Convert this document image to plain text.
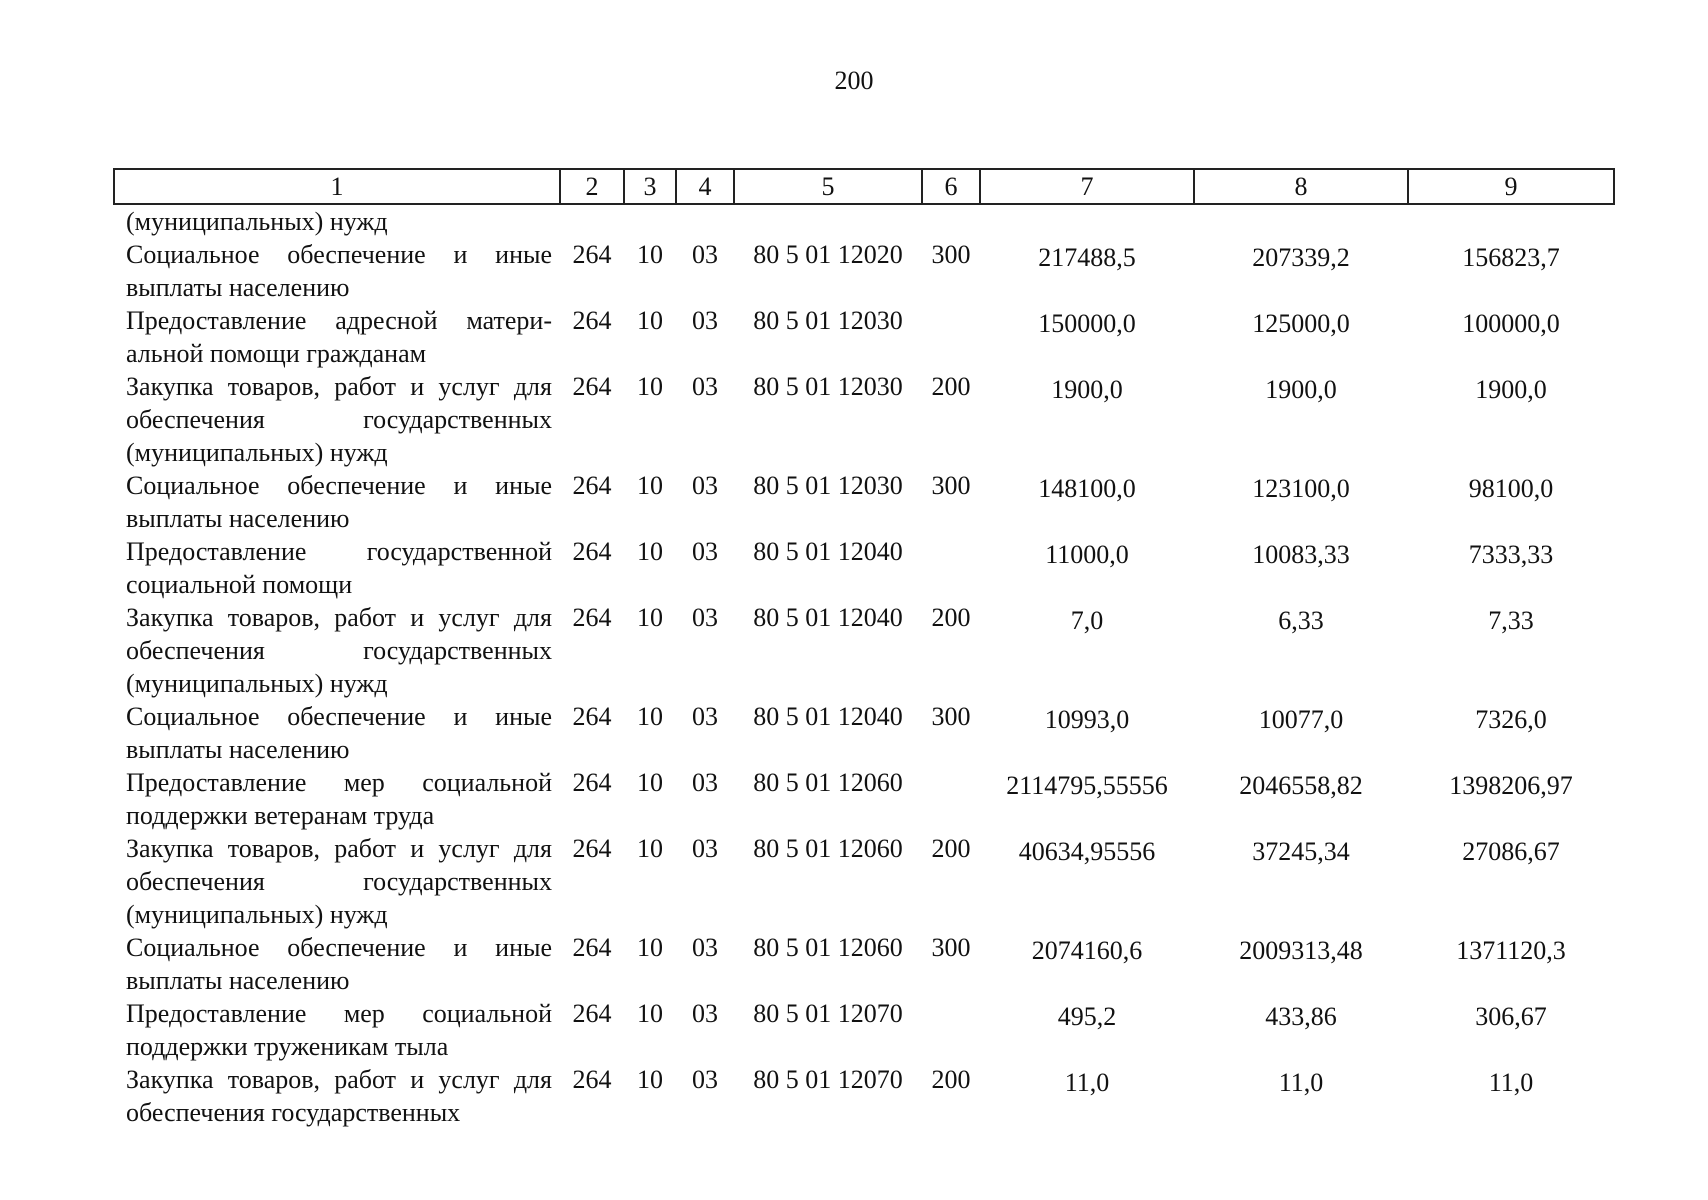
200
1	2	3	4	5	6	7	8	9
(муниципальных) нужд								
Социальное обеспечение и иные выплаты населению	264	10	03	80 5 01 12020	300	217488,5	207339,2	156823,7
Предоставление адресной матери-альной помощи гражданам	264	10	03	80 5 01 12030		150000,0	125000,0	100000,0
Закупка товаров, работ и услуг для обеспечения государственных (муниципальных) нужд	264	10	03	80 5 01 12030	200	1900,0	1900,0	1900,0
Социальное обеспечение и иные выплаты населению	264	10	03	80 5 01 12030	300	148100,0	123100,0	98100,0
Предоставление государственной социальной помощи	264	10	03	80 5 01 12040		11000,0	10083,33	7333,33
Закупка товаров, работ и услуг для обеспечения государственных (муниципальных) нужд	264	10	03	80 5 01 12040	200	7,0	6,33	7,33
Социальное обеспечение и иные выплаты населению	264	10	03	80 5 01 12040	300	10993,0	10077,0	7326,0
Предоставление мер социальной поддержки ветеранам труда	264	10	03	80 5 01 12060		2114795,55556	2046558,82	1398206,97
Закупка товаров, работ и услуг для обеспечения государственных (муниципальных) нужд	264	10	03	80 5 01 12060	200	40634,95556	37245,34	27086,67
Социальное обеспечение и иные выплаты населению	264	10	03	80 5 01 12060	300	2074160,6	2009313,48	1371120,3
Предоставление мер социальной поддержки труженикам тыла	264	10	03	80 5 01 12070		495,2	433,86	306,67
Закупка товаров, работ и услуг для обеспечения государственных	264	10	03	80 5 01 12070	200	11,0	11,0	11,0
